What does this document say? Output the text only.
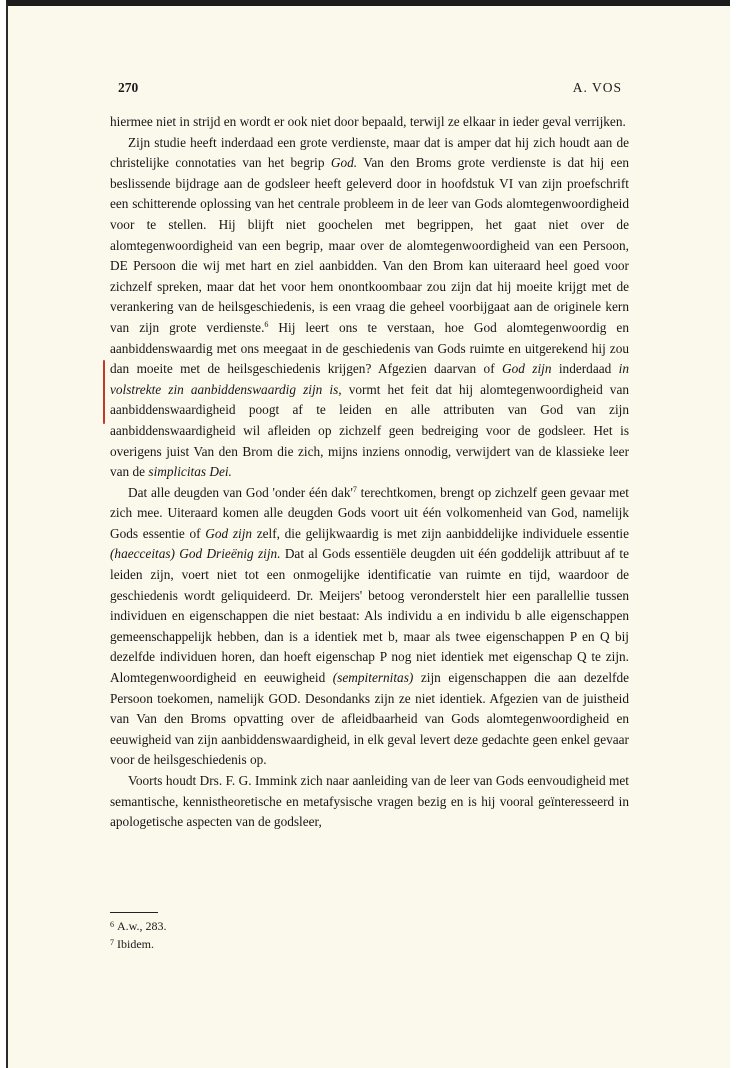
270	A. VOS

hiermee niet in strijd en wordt er ook niet door bepaald, terwijl ze elkaar in ieder geval verrijken.

Zijn studie heeft inderdaad een grote verdienste, maar dat is amper dat hij zich houdt aan de christelijke connotaties van het begrip God. Van den Broms grote verdienste is dat hij een beslissende bijdrage aan de godsleer heeft geleverd door in hoofdstuk VI van zijn proefschrift een schitterende oplossing van het centrale probleem in de leer van Gods alomtegenwoordigheid voor te stellen. Hij blijft niet goochelen met begrippen, het gaat niet over de alomtegenwoordigheid van een begrip, maar over de alomtegenwoordigheid van een Persoon, DE Persoon die wij met hart en ziel aanbidden. Van den Brom kan uiteraard heel goed voor zichzelf spreken, maar dat het voor hem onontkoombaar zou zijn dat hij moeite krijgt met de verankering van de heilsgeschiedenis, is een vraag die geheel voorbijgaat aan de originele kern van zijn grote verdienste.$^6$ Hij leert ons te verstaan, hoe God alomtegenwoordig en aanbiddenswaardig met ons meegaat in de geschiedenis van Gods ruimte en uitgerekend hij zou dan moeite met de heilsgeschiedenis krijgen? Afgezien daarvan of God zijn inderdaad in volstrekte zin aanbiddenswaardig zijn is, vormt het feit dat hij alomtegenwoordigheid van aanbiddenswaardigheid poogt af te leiden en alle attributen van God van zijn aanbiddenswaardigheid wil afleiden op zichzelf geen bedreiging voor de godsleer. Het is overigens juist Van den Brom die zich, mijns inziens onnodig, verwijdert van de klassieke leer van de simplicitas Dei.

Dat alle deugden van God 'onder één $dak'^7$ terechtkomen, brengt op zichzelf geen gevaar met zich mee. Uiteraard komen alle deugden Gods voort uit één volkomenheid van God, namelijk Gods essentie of God zijn zelf, die gelijkwaardig is met zijn aanbiddelijke individuele essentie (haecceitas) God Drieënig zijn. Dat al Gods essentiële deugden uit één goddelijk attribuut af te leiden zijn, voert niet tot een onmogelijke identificatie van ruimte en tijd, waardoor de geschiedenis wordt geliquideerd. Dr. Meijers' betoog veronderstelt hier een parallellie tussen individuen en eigenschappen die niet bestaat: Als individu a en individu b alle eigenschappen gemeenschappelijk hebben, dan is a identiek met b, maar als twee eigenschappen P en Q bij dezelfde individuen horen, dan hoeft eigenschap P nog niet identiek met eigenschap Q te zijn. Alomtegenwoordigheid en eeuwigheid (sempiternitas) zijn eigenschappen die aan dezelfde Persoon toekomen, namelijk GOD. Desondanks zijn ze niet identiek. Afgezien van de juistheid van Van den Broms opvatting over de afleidbaarheid van Gods alomtegenwoordigheid en eeuwigheid van zijn aanbiddenswaardigheid, in elk geval levert deze gedachte geen enkel gevaar voor de heilsgeschiedenis op.

Voorts houdt Drs. F. G. Immink zich naar aanleiding van de leer van Gods eenvoudigheid met semantische, kennistheoretische en metafysische vragen bezig en is hij vooral geïnteresseerd in apologetische aspecten van de godsleer,

$^6$ A.w., 283.
$^7$ Ibidem.
